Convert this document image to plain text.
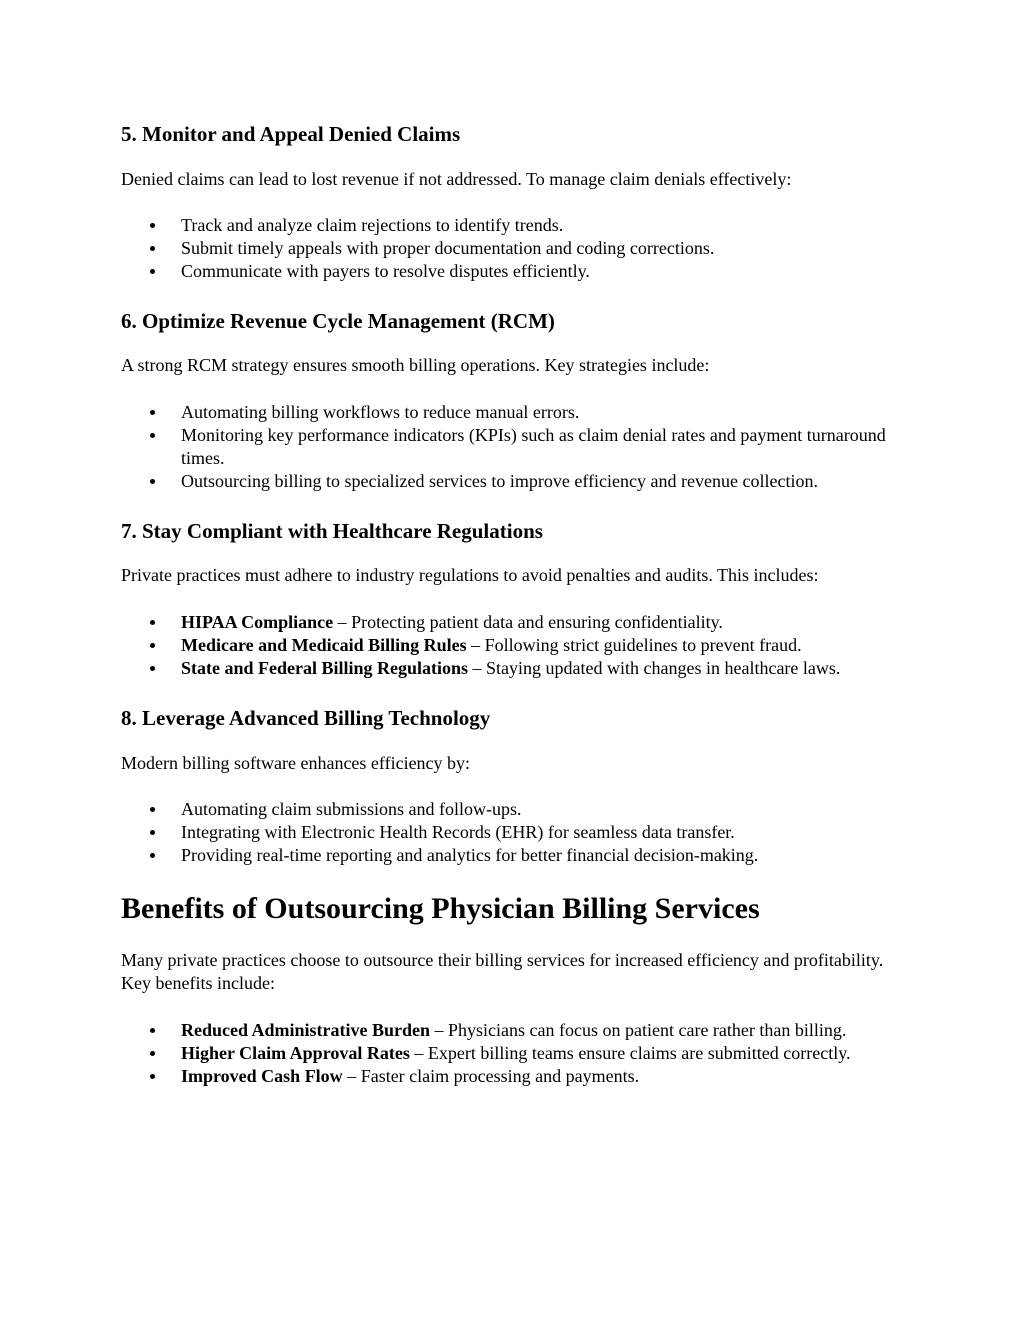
5. Monitor and Appeal Denied Claims

Denied claims can lead to lost revenue if not addressed. To manage claim denials effectively:

Track and analyze claim rejections to identify trends.
Submit timely appeals with proper documentation and coding corrections.
Communicate with payers to resolve disputes efficiently.
6. Optimize Revenue Cycle Management (RCM)

A strong RCM strategy ensures smooth billing operations. Key strategies include:

Automating billing workflows to reduce manual errors.
Monitoring key performance indicators (KPIs) such as claim denial rates and payment turnaround times.
Outsourcing billing to specialized services to improve efficiency and revenue collection.
7. Stay Compliant with Healthcare Regulations

Private practices must adhere to industry regulations to avoid penalties and audits. This includes:

HIPAA Compliance – Protecting patient data and ensuring confidentiality.
Medicare and Medicaid Billing Rules – Following strict guidelines to prevent fraud.
State and Federal Billing Regulations – Staying updated with changes in healthcare laws.
8. Leverage Advanced Billing Technology

Modern billing software enhances efficiency by:

Automating claim submissions and follow-ups.
Integrating with Electronic Health Records (EHR) for seamless data transfer.
Providing real-time reporting and analytics for better financial decision-making.
Benefits of Outsourcing Physician Billing Services

Many private practices choose to outsource their billing services for increased efficiency and profitability. Key benefits include:

Reduced Administrative Burden – Physicians can focus on patient care rather than billing.
Higher Claim Approval Rates – Expert billing teams ensure claims are submitted correctly.
Improved Cash Flow – Faster claim processing and payments.
